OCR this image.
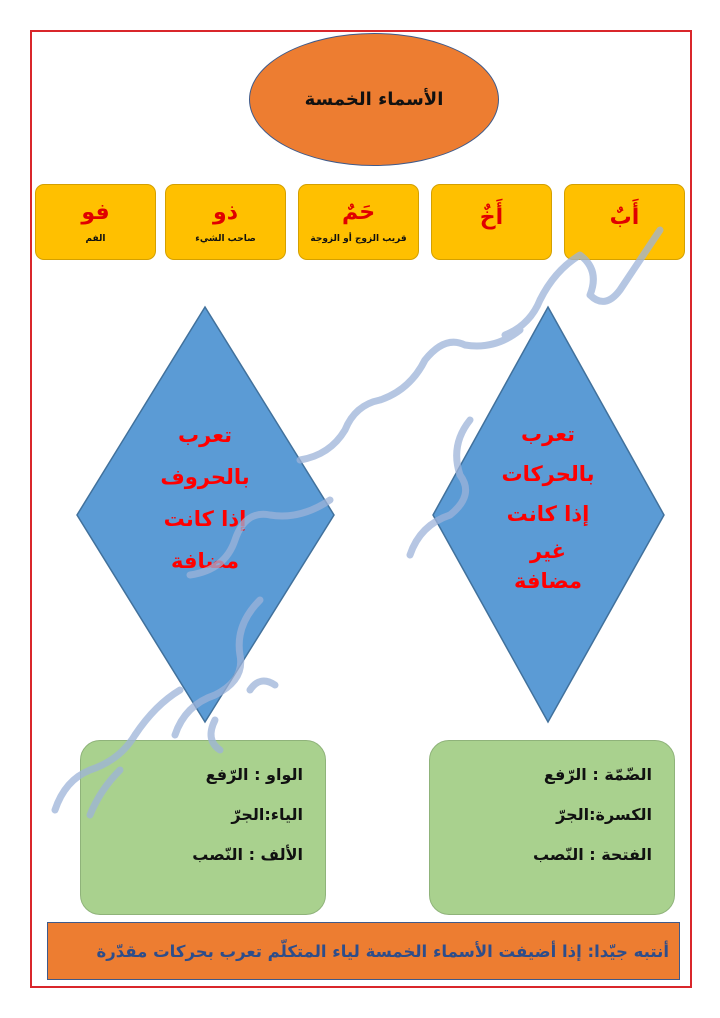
الأسماء الخمسة
أَبٌ
أَخٌ
حَمٌ
قريب الزوج أو الزوجة
ذو
صاحب الشيء
فو
الفم
تعرب
بالحروف
إذا كانت
مضافة
تعرب
بالحركات
إذا كانت
غير
مضافة
الواو : الرّفع
الياء:الجرّ
الألف : النّصب
الضّمّة : الرّفع
الكسرة:الجرّ
الفتحة : النّصب
أنتبه جيّدا: إذا أضيفت الأسماء الخمسة لياء المتكلّم تعرب بحركات مقدّرة
